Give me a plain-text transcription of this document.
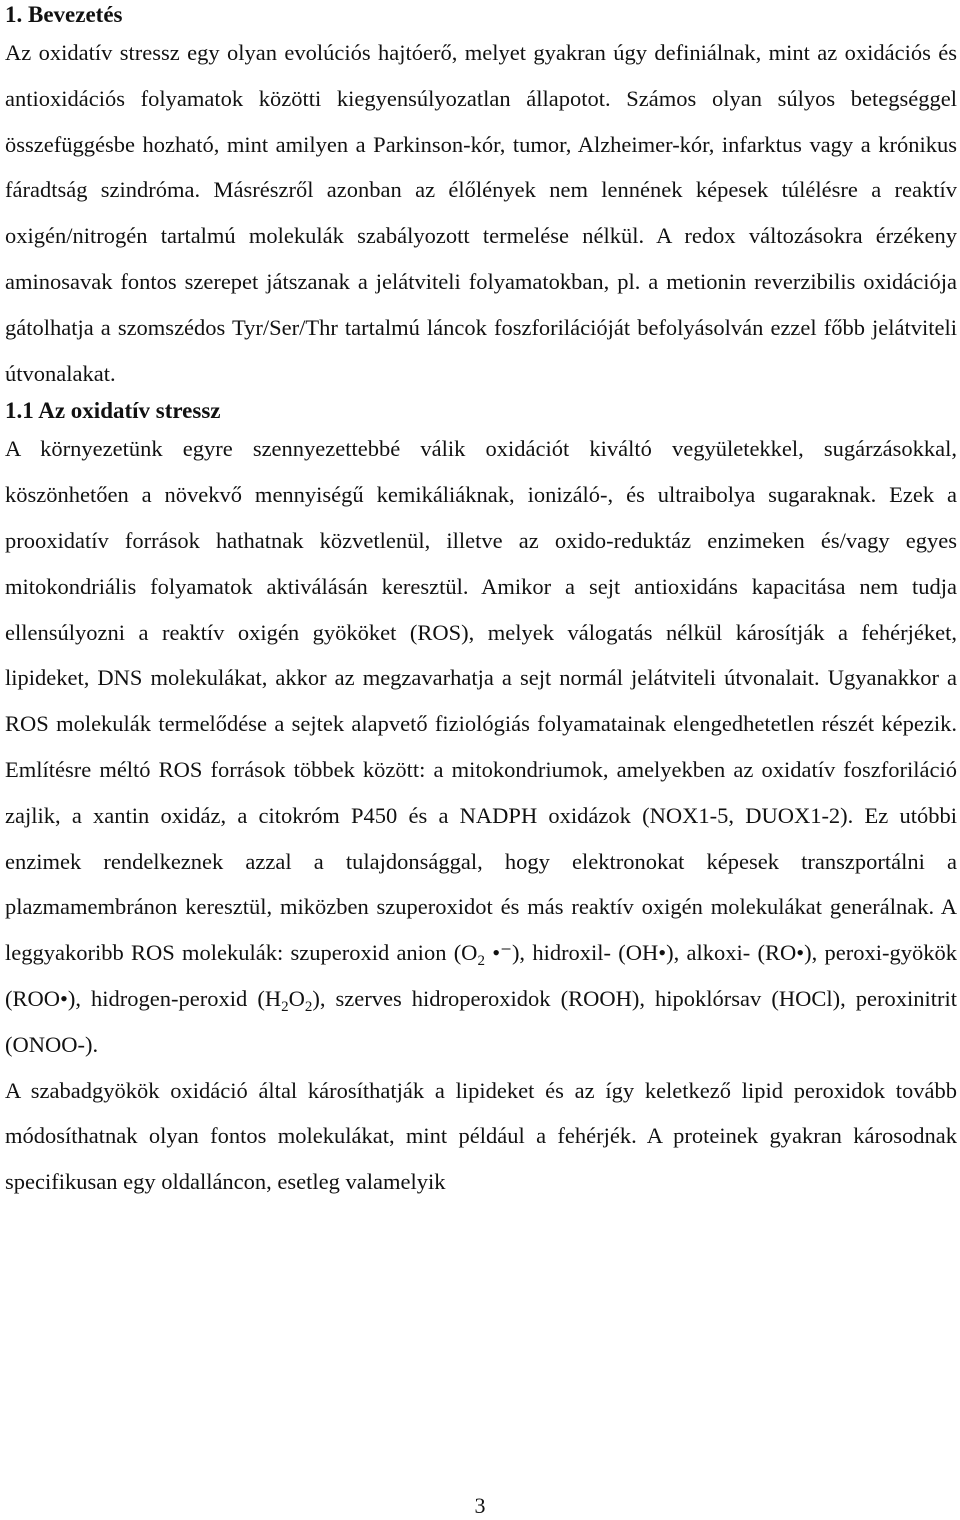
1. Bevezetés

Az oxidatív stressz egy olyan evolúciós hajtóerő, melyet gyakran úgy definiálnak, mint az oxidációs és antioxidációs folyamatok közötti kiegyensúlyozatlan állapotot. Számos olyan súlyos betegséggel összefüggésbe hozható, mint amilyen a Parkinson-kór, tumor, Alzheimer-kór, infarktus vagy a krónikus fáradtság szindróma. Másrészről azonban az élőlények nem lennének képesek túlélésre a reaktív oxigén/nitrogén tartalmú molekulák szabályozott termelése nélkül. A redox változásokra érzékeny aminosavak fontos szerepet játszanak a jelátviteli folyamatokban, pl. a metionin reverzibilis oxidációja gátolhatja a szomszédos Tyr/Ser/Thr tartalmú láncok foszforilációját befolyásolván ezzel főbb jelátviteli útvonalakat.

1.1 Az oxidatív stressz

A környezetünk egyre szennyezettebbé válik oxidációt kiváltó vegyületekkel, sugárzásokkal, köszönhetően a növekvő mennyiségű kemikáliáknak, ionizáló-, és ultraibolya sugaraknak. Ezek a prooxidatív források hathatnak közvetlenül, illetve az oxido-reduktáz enzimeken és/vagy egyes mitokondriális folyamatok aktiválásán keresztül. Amikor a sejt antioxidáns kapacitása nem tudja ellensúlyozni a reaktív oxigén gyököket (ROS), melyek válogatás nélkül károsítják a fehérjéket, lipideket, DNS molekulákat, akkor az megzavarhatja a sejt normál jelátviteli útvonalait. Ugyanakkor a ROS molekulák termelődése a sejtek alapvető fiziológiás folyamatainak elengedhetetlen részét képezik. Említésre méltó ROS források többek között: a mitokondriumok, amelyekben az oxidatív foszforiláció zajlik, a xantin oxidáz, a citokróm P450 és a NADPH oxidázok (NOX1-5, DUOX1-2). Ez utóbbi enzimek rendelkeznek azzal a tulajdonsággal, hogy elektronokat képesek transzportálni a plazmamembránon keresztül, miközben szuperoxidot és más reaktív oxigén molekulákat generálnak. A leggyakoribb ROS molekulák: szuperoxid anion ($O_2$ •⁻), hidroxil- (OH•), alkoxi- (RO•), peroxi-gyökök (ROO•), hidrogen-peroxid $(H_2O_2)$, szerves hidroperoxidok (ROOH), hipoklórsav (HOCl), peroxinitrit (ONOO-).

A szabadgyökök oxidáció által károsíthatják a lipideket és az így keletkező lipid peroxidok tovább módosíthatnak olyan fontos molekulákat, mint például a fehérjék. A proteinek gyakran károsodnak specifikusan egy oldalláncon, esetleg valamelyik

3
